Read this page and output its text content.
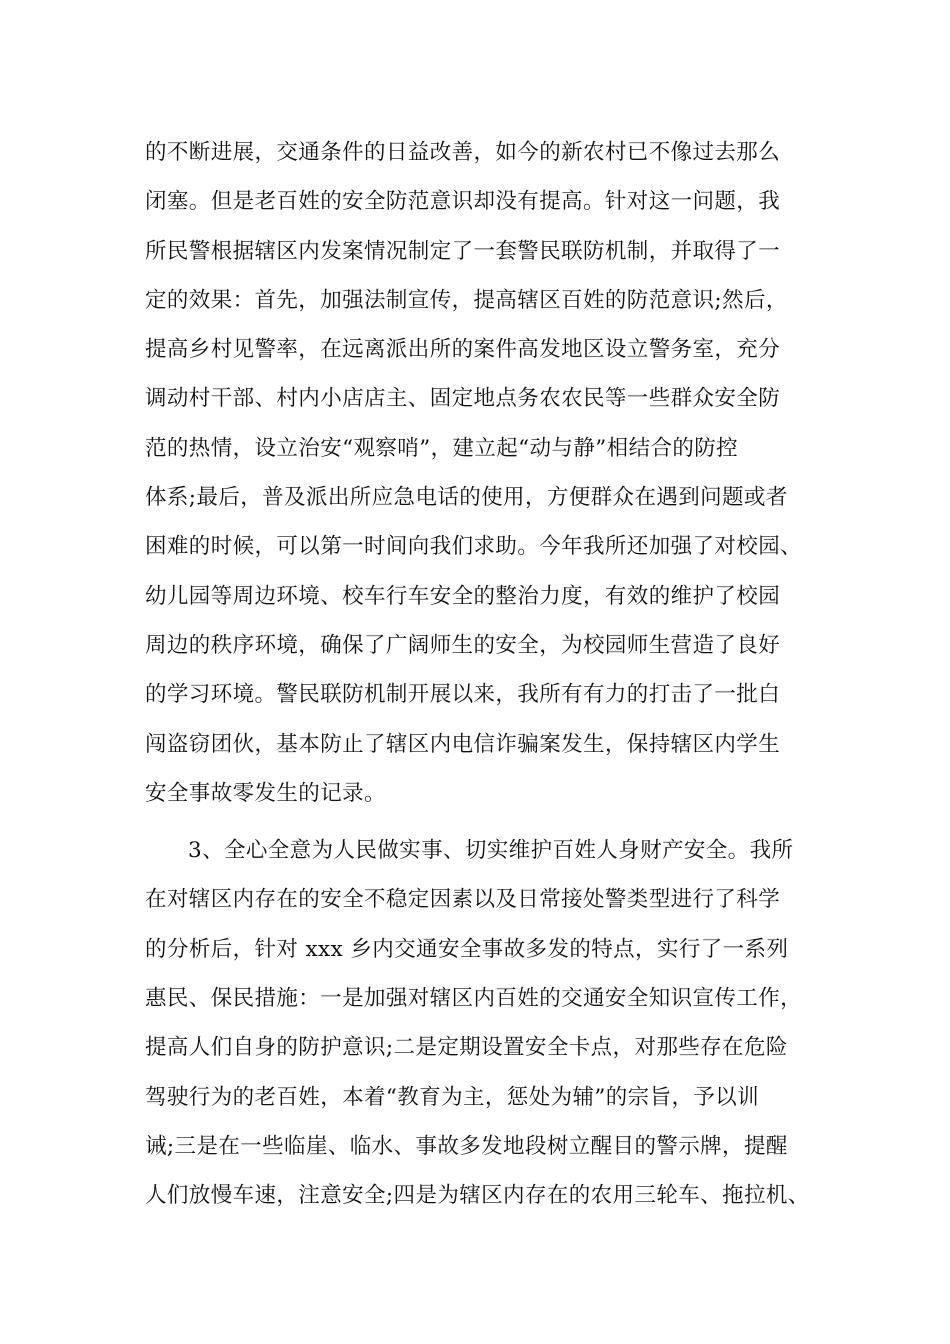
的不断进展，交通条件的日益改善，如今的新农村已不像过去那么
闭塞。但是老百姓的安全防范意识却没有提高。针对这一问题，我
所民警根据辖区内发案情况制定了一套警民联防机制，并取得了一
定的效果：首先，加强法制宣传，提高辖区百姓的防范意识;然后，
提高乡村见警率，在远离派出所的案件高发地区设立警务室，充分
调动村干部、村内小店店主、固定地点务农农民等一些群众安全防
范的热情，设立治安“观察哨”，建立起“动与静”相结合的防控
体系;最后，普及派出所应急电话的使用，方便群众在遇到问题或者
困难的时候，可以第一时间向我们求助。今年我所还加强了对校园、
幼儿园等周边环境、校车行车安全的整治力度，有效的维护了校园
周边的秩序环境，确保了广阔师生的安全，为校园师生营造了良好
的学习环境。警民联防机制开展以来，我所有有力的打击了一批白
闯盗窃团伙，基本防止了辖区内电信诈骗案发生，保持辖区内学生
安全事故零发生的记录。
3、全心全意为人民做实事、切实维护百姓人身财产安全。我所
在对辖区内存在的安全不稳定因素以及日常接处警类型进行了科学
的分析后，针对 xxx 乡内交通安全事故多发的特点，实行了一系列
惠民、保民措施：一是加强对辖区内百姓的交通安全知识宣传工作，
提高人们自身的防护意识;二是定期设置安全卡点，对那些存在危险
驾驶行为的老百姓，本着“教育为主，惩处为辅”的宗旨，予以训
诫;三是在一些临崖、临水、事故多发地段树立醒目的警示牌，提醒
人们放慢车速，注意安全;四是为辖区内存在的农用三轮车、拖拉机、
